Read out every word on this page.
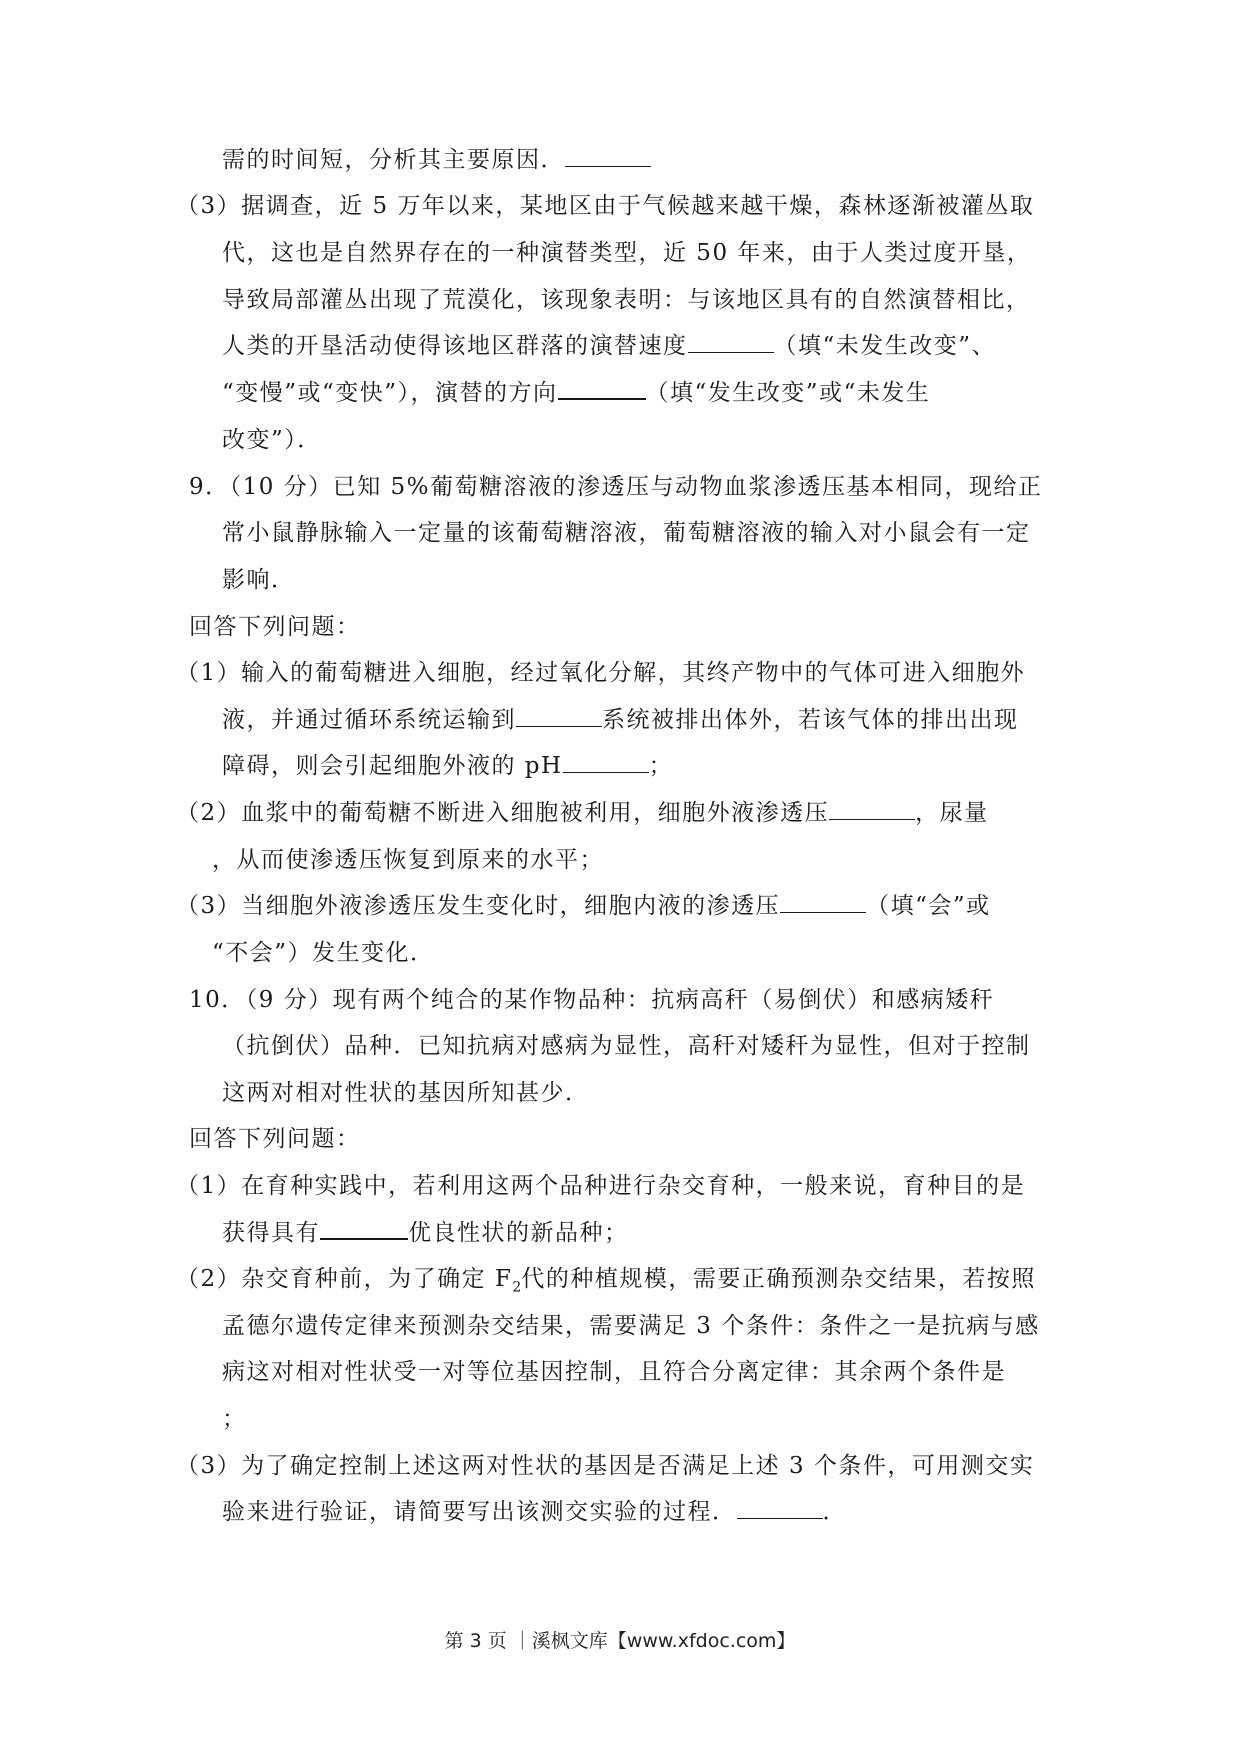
需的时间短，分析其主要原因．
（3）据调查，近 5 万年以来，某地区由于气候越来越干燥，森林逐渐被灌丛取
代，这也是自然界存在的一种演替类型，近 50 年来，由于人类过度开垦，
导致局部灌丛出现了荒漠化，该现象表明：与该地区具有的自然演替相比，
人类的开垦活动使得该地区群落的演替速度	（填“未发生改变”、
“变慢”或“变快”），演替的方向	（填“发生改变”或“未发生
改变”）．
9．（10 分）已知 5%葡萄糖溶液的渗透压与动物血浆渗透压基本相同，现给正
常小鼠静脉输入一定量的该葡萄糖溶液，葡萄糖溶液的输入对小鼠会有一定
影响．
回答下列问题：
（1）输入的葡萄糖进入细胞，经过氧化分解，其终产物中的气体可进入细胞外
液，并通过循环系统运输到	系统被排出体外，若该气体的排出出现
障碍，则会引起细胞外液的 pH	；
（2）血浆中的葡萄糖不断进入细胞被利用，细胞外液渗透压	，尿量
，从而使渗透压恢复到原来的水平；
（3）当细胞外液渗透压发生变化时，细胞内液的渗透压	（填“会”或
“不会”）发生变化．
10．（9 分）现有两个纯合的某作物品种：抗病高秆（易倒伏）和感病矮秆
（抗倒伏）品种．已知抗病对感病为显性，高秆对矮秆为显性，但对于控制
这两对相对性状的基因所知甚少．
回答下列问题：
（1）在育种实践中，若利用这两个品种进行杂交育种，一般来说，育种目的是
获得具有	优良性状的新品种；
（2）杂交育种前，为了确定 $F_2$代的种植规模，需要正确预测杂交结果，若按照
孟德尔遗传定律来预测杂交结果，需要满足 3 个条件：条件之一是抗病与感
病这对相对性状受一对等位基因控制，且符合分离定律：其余两个条件是
；
（3）为了确定控制上述这两对性状的基因是否满足上述 3 个条件，可用测交实
验来进行验证，请简要写出该测交实验的过程．	．
第 3 页 ｜溪枫文库【www.xfdoc.com】
